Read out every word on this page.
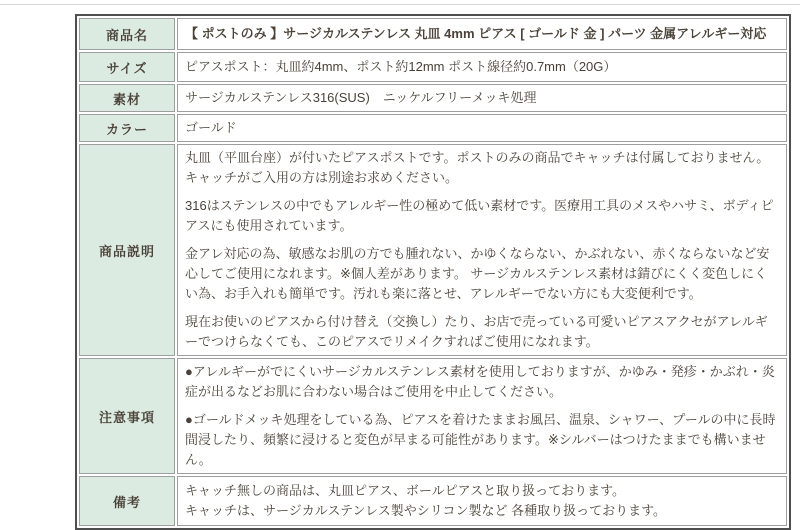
商品名	【 ポストのみ 】サージカルステンレス 丸皿 4mm ピアス [ ゴールド 金 ] パーツ 金属アレルギー対応

サイズ	ピアスポスト：丸皿約4mm、ポスト約12mm ポスト線径約0.7mm（20G）

素材	サージカルステンレス316(SUS)　ニッケルフリーメッキ処理

カラー	ゴールド

商品説明	丸皿（平皿台座）が付いたピアスポストです。ポストのみの商品でキャッチは付属しておりません。キャッチがご入用の方は別途お求めください。

316はステンレスの中でもアレルギー性の極めて低い素材です。医療用工具のメスやハサミ、ボディピアスにも使用されています。

金アレ対応の為、敏感なお肌の方でも腫れない、かゆくならない、かぶれない、赤くならないなど安心してご使用になれます。※個人差があります。 サージカルステンレス素材は錆びにくく変色しにくい為、お手入れも簡単です。汚れも楽に落とせ、アレルギーでない方にも大変便利です。

現在お使いのピアスから付け替え（交換し）たり、お店で売っている可愛いピアスアクセがアレルギーでつけらなくても、このピアスでリメイクすればご使用になれます。

注意事項	●アレルギーがでにくいサージカルステンレス素材を使用しておりますが、かゆみ・発疹・かぶれ・炎症が出るなどお肌に合わない場合はご使用を中止してください。

●ゴールドメッキ処理をしている為、ピアスを着けたままお風呂、温泉、シャワー、プールの中に長時間浸したり、頻繁に浸けると変色が早まる可能性があります。※シルバーはつけたままでも構いません。

備考	キャッチ無しの商品は、丸皿ピアス、ボールピアスと取り扱っております。

キャッチは、サージカルステンレス製やシリコン製など 各種取り扱っております。
